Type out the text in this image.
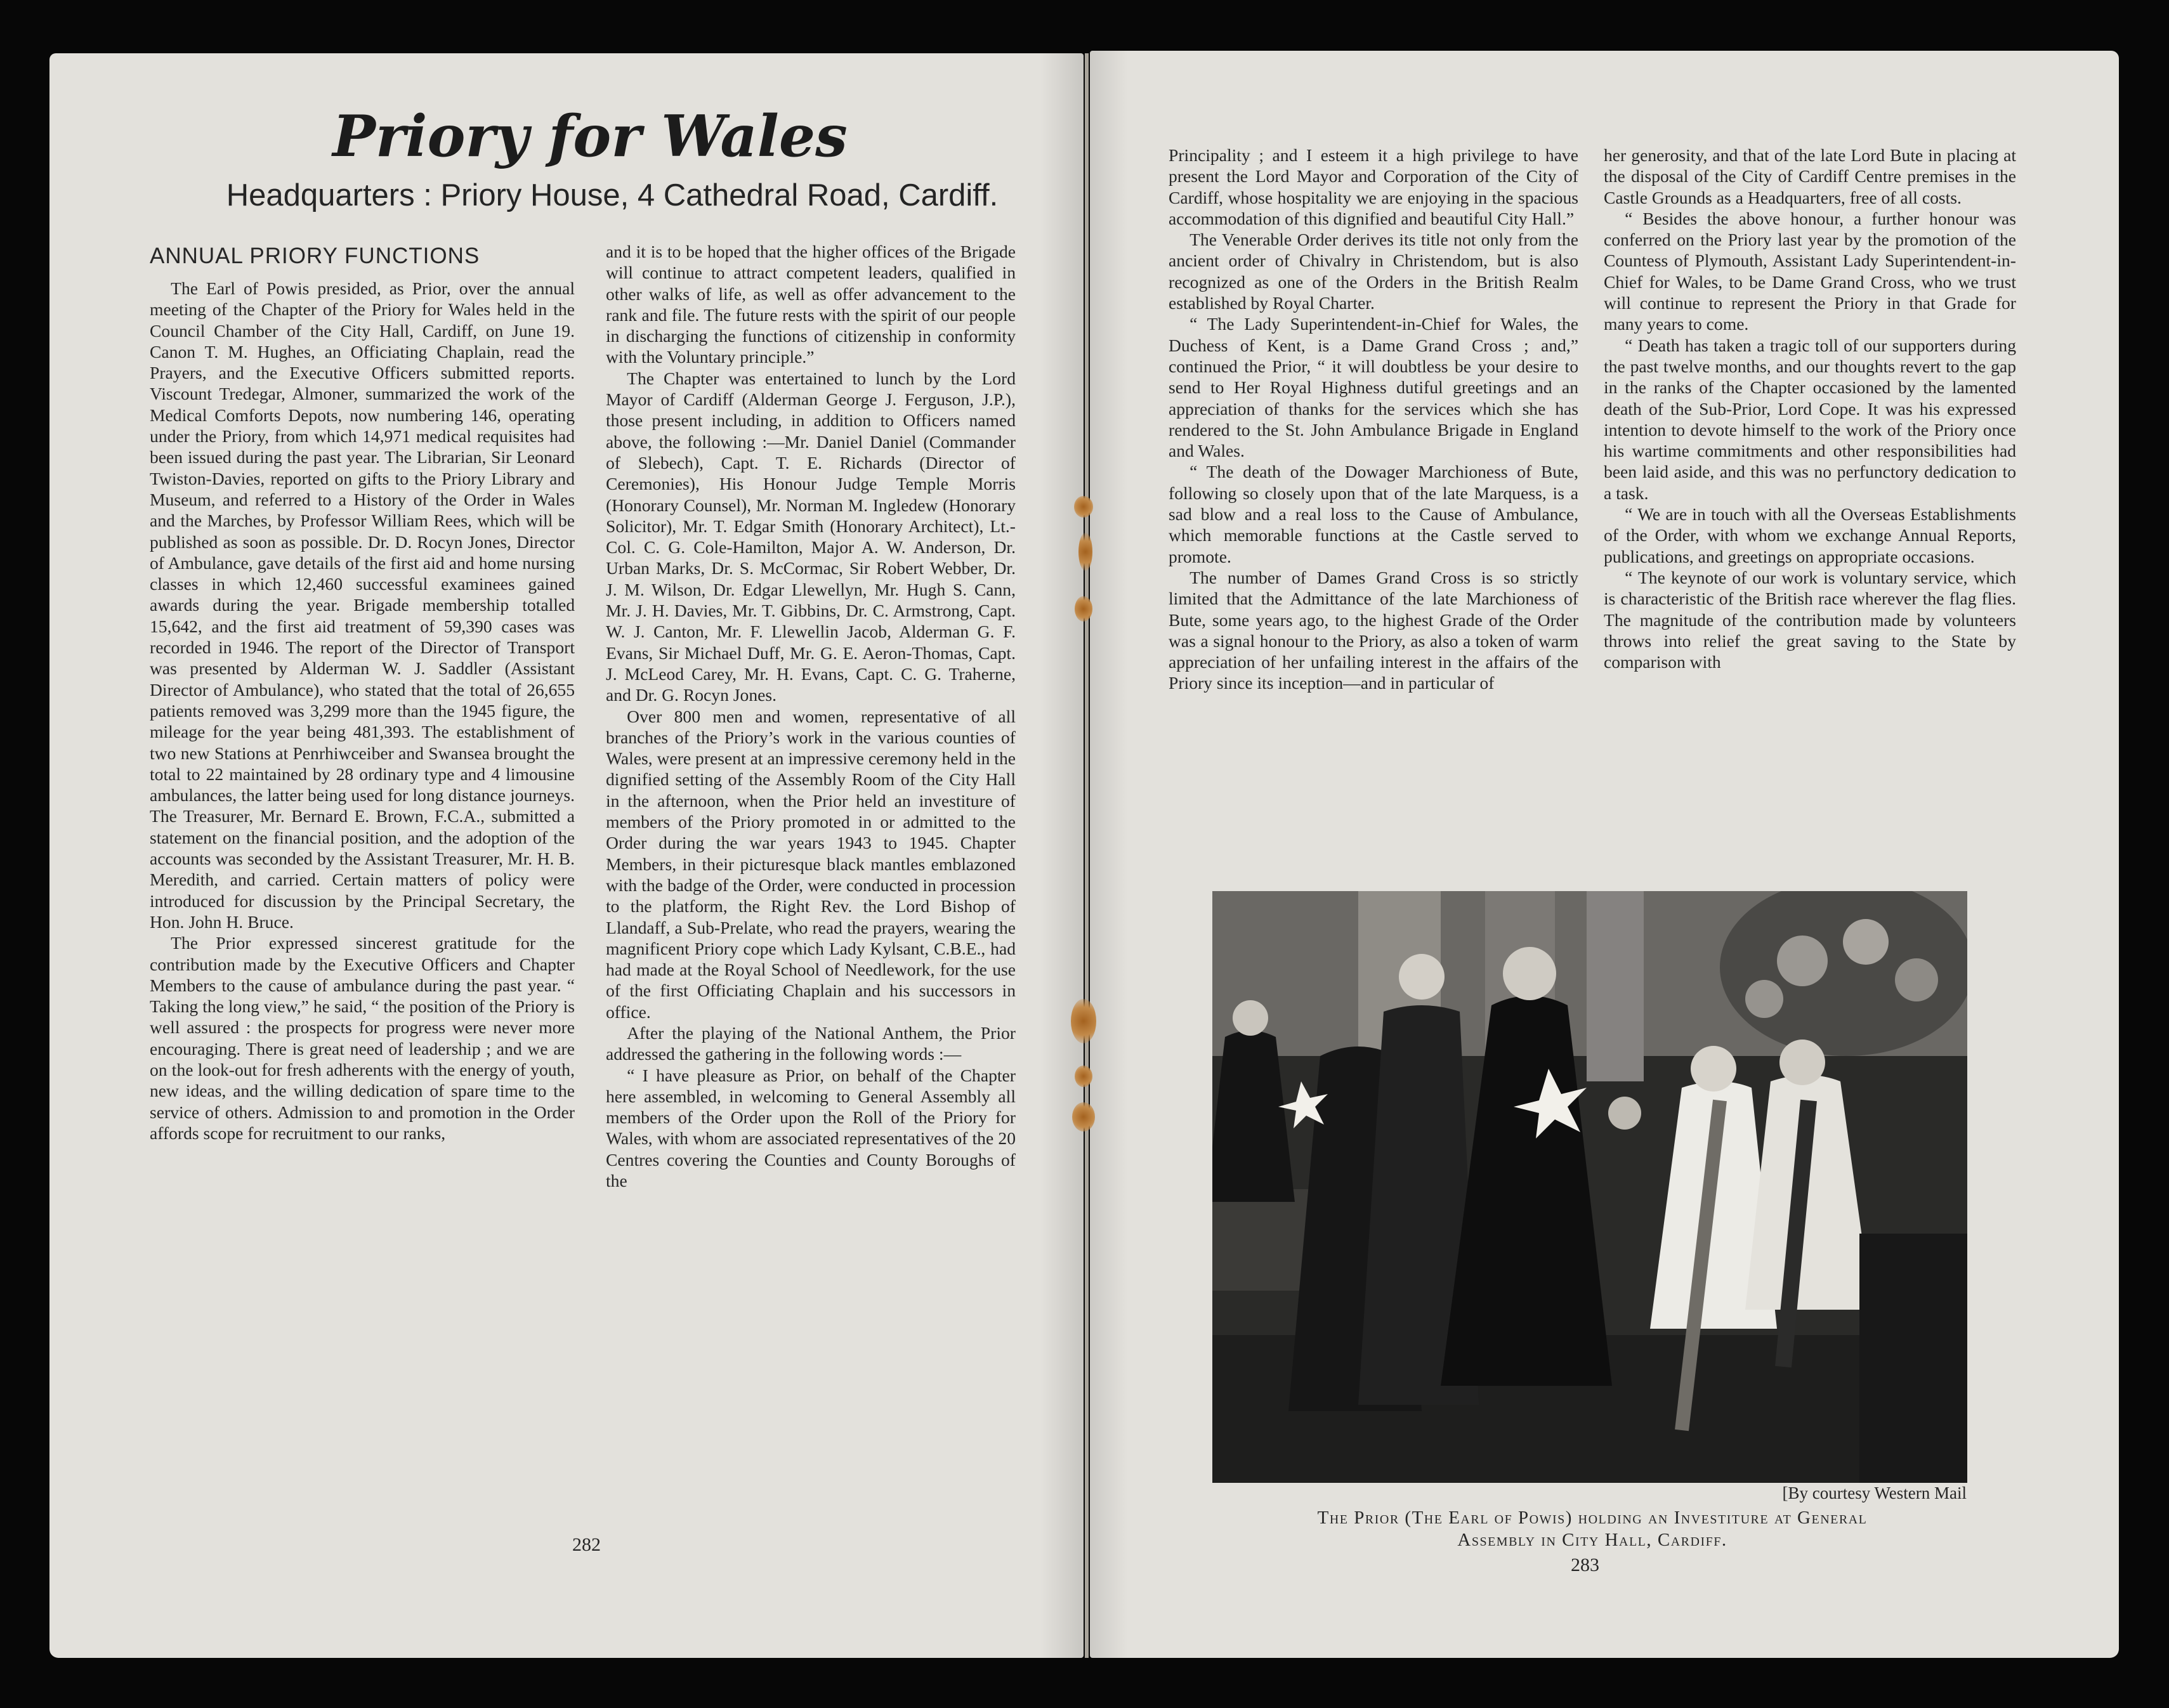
Priory for Wales

Headquarters : Priory House, 4 Cathedral Road, Cardiff.

ANNUAL PRIORY FUNCTIONS

The Earl of Powis presided, as Prior, over the annual meeting of the Chapter of the Priory for Wales held in the Council Chamber of the City Hall, Cardiff, on June 19. Canon T. M. Hughes, an Officiating Chaplain, read the Prayers, and the Executive Officers submitted reports. Viscount Tredegar, Almoner, summarized the work of the Medical Comforts Depots, now numbering 146, operating under the Priory, from which 14,971 medical requisites had been issued during the past year. The Librarian, Sir Leonard Twiston-Davies, reported on gifts to the Priory Library and Museum, and referred to a History of the Order in Wales and the Marches, by Professor William Rees, which will be published as soon as possible. Dr. D. Rocyn Jones, Director of Ambulance, gave details of the first aid and home nursing classes in which 12,460 successful examinees gained awards during the year. Brigade membership totalled 15,642, and the first aid treatment of 59,390 cases was recorded in 1946. The report of the Director of Transport was presented by Alderman W. J. Saddler (Assistant Director of Ambulance), who stated that the total of 26,655 patients removed was 3,299 more than the 1945 figure, the mileage for the year being 481,393. The establishment of two new Stations at Penrhiwceiber and Swansea brought the total to 22 maintained by 28 ordinary type and 4 limousine ambulances, the latter being used for long distance journeys. The Treasurer, Mr. Bernard E. Brown, F.C.A., submitted a statement on the financial position, and the adoption of the accounts was seconded by the Assistant Treasurer, Mr. H. B. Meredith, and carried. Certain matters of policy were introduced for discussion by the Principal Secretary, the Hon. John H. Bruce.

The Prior expressed sincerest gratitude for the contribution made by the Executive Officers and Chapter Members to the cause of ambulance during the past year. “ Taking the long view,” he said, “ the position of the Priory is well assured : the prospects for progress were never more encouraging. There is great need of leadership ; and we are on the look-out for fresh adherents with the energy of youth, new ideas, and the willing dedication of spare time to the service of others. Admission to and promotion in the Order affords scope for recruitment to our ranks,

and it is to be hoped that the higher offices of the Brigade will continue to attract competent leaders, qualified in other walks of life, as well as offer advancement to the rank and file. The future rests with the spirit of our people in discharging the functions of citizenship in conformity with the Voluntary principle.”

The Chapter was entertained to lunch by the Lord Mayor of Cardiff (Alderman George J. Ferguson, J.P.), those present including, in addition to Officers named above, the following :—Mr. Daniel Daniel (Commander of Slebech), Capt. T. E. Richards (Director of Ceremonies), His Honour Judge Temple Morris (Honorary Counsel), Mr. Norman M. Ingledew (Honorary Solicitor), Mr. T. Edgar Smith (Honorary Architect), Lt.-Col. C. G. Cole-Hamilton, Major A. W. Anderson, Dr. Urban Marks, Dr. S. McCormac, Sir Robert Webber, Dr. J. M. Wilson, Dr. Edgar Llewellyn, Mr. Hugh S. Cann, Mr. J. H. Davies, Mr. T. Gibbins, Dr. C. Armstrong, Capt. W. J. Canton, Mr. F. Llewellin Jacob, Alderman G. F. Evans, Sir Michael Duff, Mr. G. E. Aeron-Thomas, Capt. J. McLeod Carey, Mr. H. Evans, Capt. C. G. Traherne, and Dr. G. Rocyn Jones.

Over 800 men and women, representative of all branches of the Priory’s work in the various counties of Wales, were present at an impressive ceremony held in the dignified setting of the Assembly Room of the City Hall in the afternoon, when the Prior held an investiture of members of the Priory promoted in or admitted to the Order during the war years 1943 to 1945. Chapter Members, in their picturesque black mantles emblazoned with the badge of the Order, were conducted in procession to the platform, the Right Rev. the Lord Bishop of Llandaff, a Sub-Prelate, who read the prayers, wearing the magnificent Priory cope which Lady Kylsant, C.B.E., had had made at the Royal School of Needlework, for the use of the first Officiating Chaplain and his successors in office.

After the playing of the National Anthem, the Prior addressed the gathering in the following words :—

“ I have pleasure as Prior, on behalf of the Chapter here assembled, in welcoming to General Assembly all members of the Order upon the Roll of the Priory for Wales, with whom are associated representatives of the 20 Centres covering the Counties and County Boroughs of the

282

Principality ; and I esteem it a high privilege to have present the Lord Mayor and Corporation of the City of Cardiff, whose hospitality we are enjoying in the spacious accommodation of this dignified and beautiful City Hall.”

The Venerable Order derives its title not only from the ancient order of Chivalry in Christendom, but is also recognized as one of the Orders in the British Realm established by Royal Charter.

“ The Lady Superintendent-in-Chief for Wales, the Duchess of Kent, is a Dame Grand Cross ; and,” continued the Prior, “ it will doubtless be your desire to send to Her Royal Highness dutiful greetings and an appreciation of thanks for the services which she has rendered to the St. John Ambulance Brigade in England and Wales.

“ The death of the Dowager Marchioness of Bute, following so closely upon that of the late Marquess, is a sad blow and a real loss to the Cause of Ambulance, which memorable functions at the Castle served to promote.

The number of Dames Grand Cross is so strictly limited that the Admittance of the late Marchioness of Bute, some years ago, to the highest Grade of the Order was a signal honour to the Priory, as also a token of warm appreciation of her unfailing interest in the affairs of the Priory since its inception—and in particular of

her generosity, and that of the late Lord Bute in placing at the disposal of the City of Cardiff Centre premises in the Castle Grounds as a Headquarters, free of all costs.

“ Besides the above honour, a further honour was conferred on the Priory last year by the promotion of the Countess of Plymouth, Assistant Lady Superintendent-in-Chief for Wales, to be Dame Grand Cross, who we trust will continue to represent the Priory in that Grade for many years to come.

“ Death has taken a tragic toll of our supporters during the past twelve months, and our thoughts revert to the gap in the ranks of the Chapter occasioned by the lamented death of the Sub-Prior, Lord Cope. It was his expressed intention to devote himself to the work of the Priory once his wartime commitments and other responsibilities had been laid aside, and this was no perfunctory dedication to a task.

“ We are in touch with all the Overseas Establishments of the Order, with whom we exchange Annual Reports, publications, and greetings on appropriate occasions.

“ The keynote of our work is voluntary service, which is characteristic of the British race wherever the flag flies. The magnitude of the contribution made by volunteers throws into relief the great saving to the State by comparison with

[By courtesy Western Mail

The Prior (The Earl of Powis) holding an Investiture at General
Assembly in City Hall, Cardiff.

283
